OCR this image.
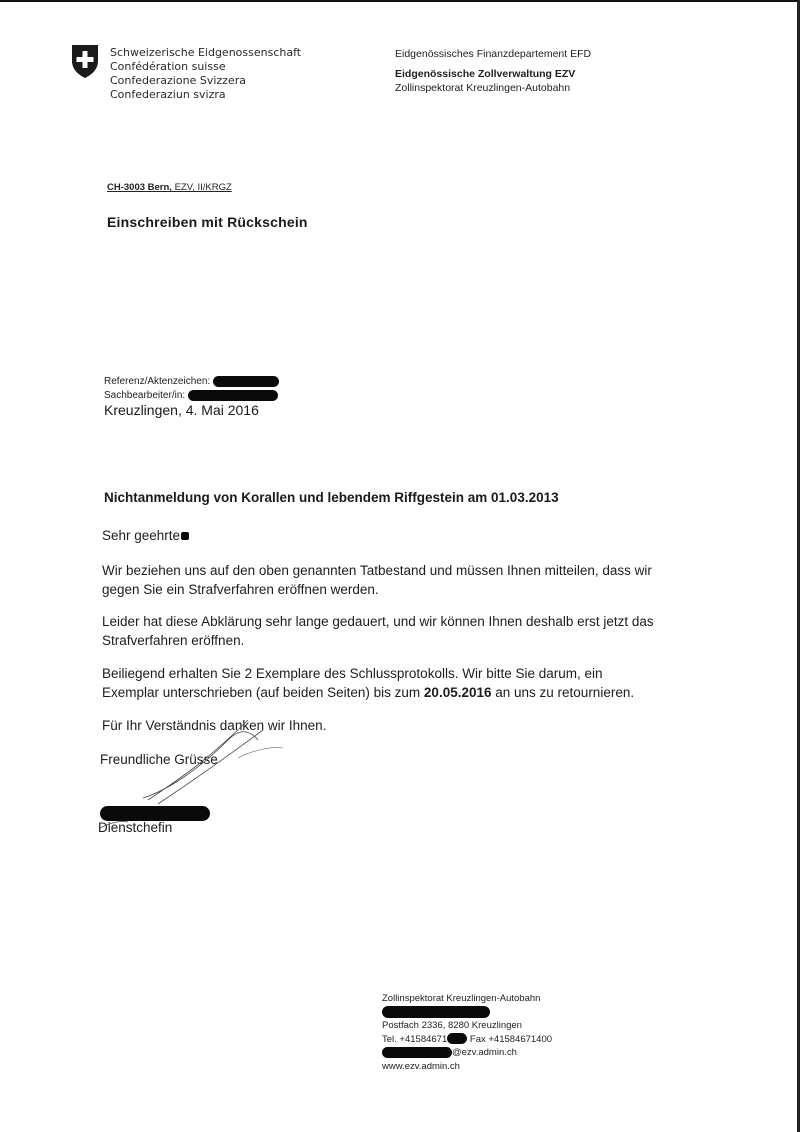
Schweizerische Eidgenossenschaft
Confédération suisse
Confederazione Svizzera
Confederaziun svizra
Eidgenössisches Finanzdepartement EFD
Eidgenössische Zollverwaltung EZV
Zollinspektorat Kreuzlingen-Autobahn
CH-3003 Bern, EZV, II/KRGZ
Einschreiben mit Rückschein
Referenz/Aktenzeichen:
Sachbearbeiter/in:
Kreuzlingen, 4. Mai 2016
Nichtanmeldung von Korallen und lebendem Riffgestein am 01.03.2013
Sehr geehrte
Wir beziehen uns auf den oben genannten Tatbestand und müssen Ihnen mitteilen, dass wir
gegen Sie ein Strafverfahren eröffnen werden.
Leider hat diese Abklärung sehr lange gedauert, und wir können Ihnen deshalb erst jetzt das
Strafverfahren eröffnen.
Beiliegend erhalten Sie 2 Exemplare des Schlussprotokolls. Wir bitte Sie darum, ein
Exemplar unterschrieben (auf beiden Seiten) bis zum 20.05.2016 an uns zu retournieren.
Für Ihr Verständnis danken wir Ihnen.
Freundliche Grüsse
Dienstchefin
Zollinspektorat Kreuzlingen-Autobahn
Postfach 2336, 8280 Kreuzlingen
Tel. +41584671 Fax +41584671400
@ezv.admin.ch
www.ezv.admin.ch
